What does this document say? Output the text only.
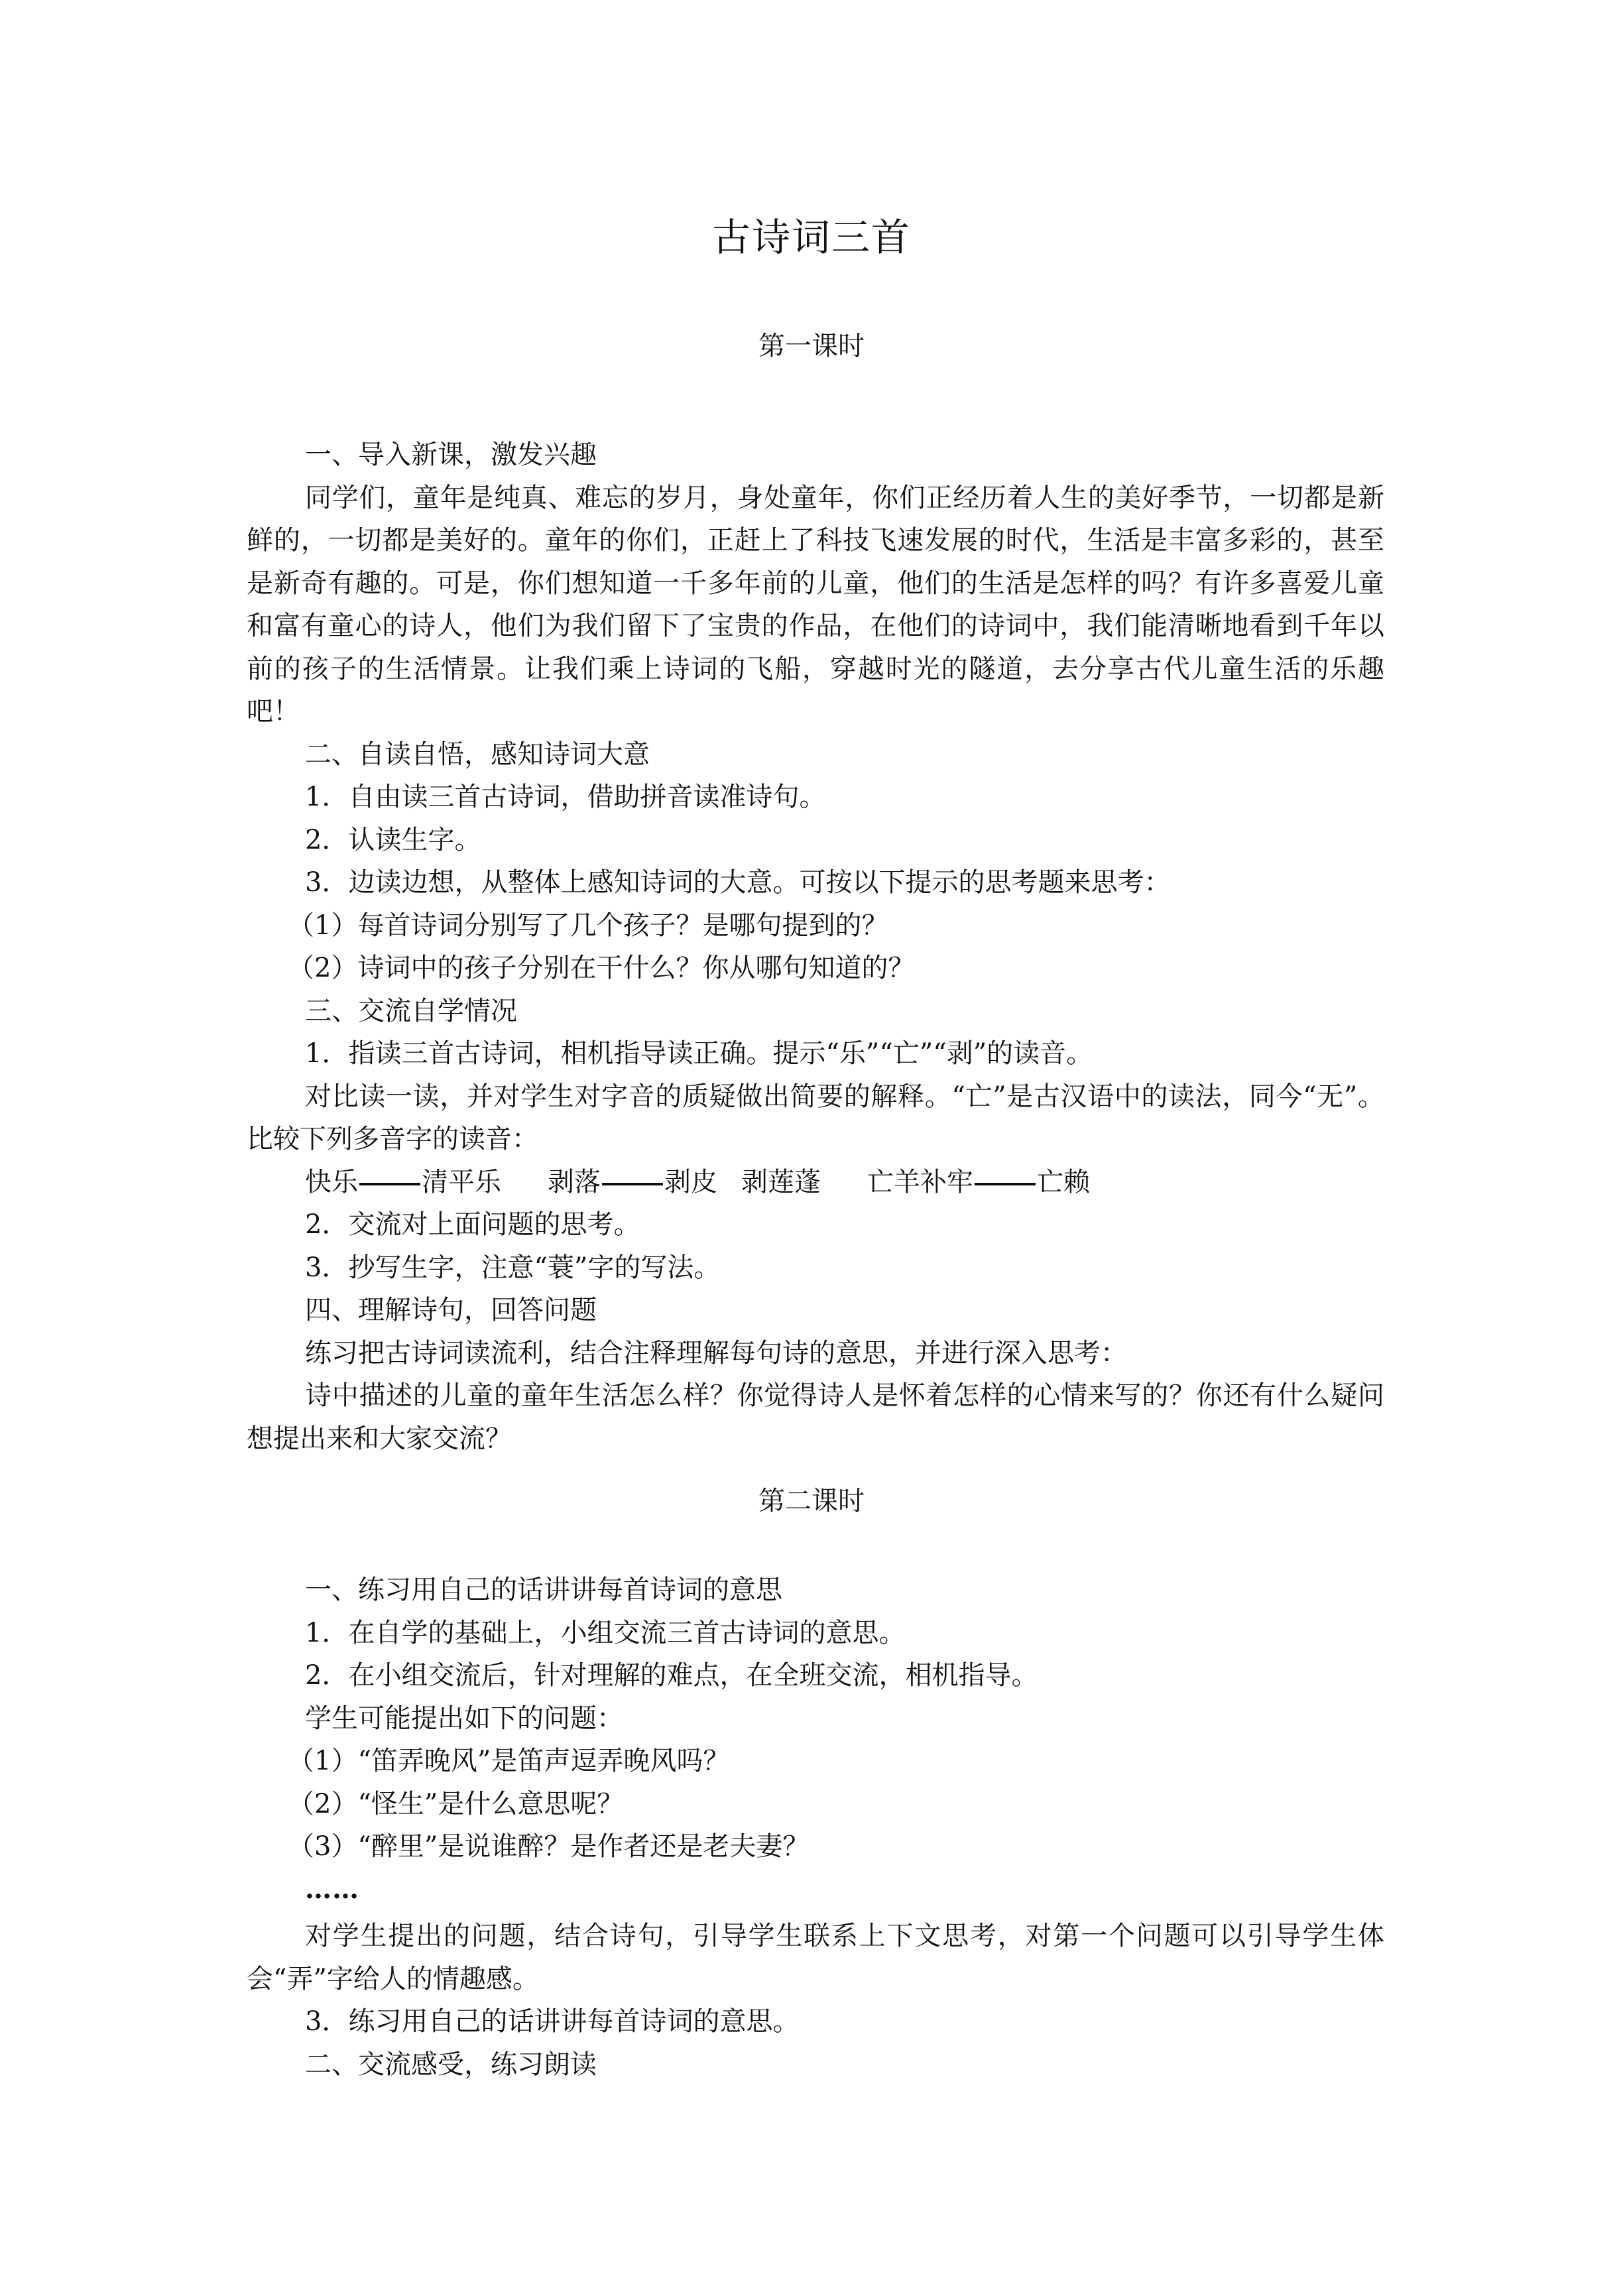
古诗词三首
第一课时

一、导入新课，激发兴趣

同学们，童年是纯真、难忘的岁月，身处童年，你们正经历着人生的美好季节，一切都是新鲜的，一切都是美好的。童年的你们，正赶上了科技飞速发展的时代，生活是丰富多彩的，甚至是新奇有趣的。可是，你们想知道一千多年前的儿童，他们的生活是怎样的吗？有许多喜爱儿童和富有童心的诗人，他们为我们留下了宝贵的作品，在他们的诗词中，我们能清晰地看到千年以前的孩子的生活情景。让我们乘上诗词的飞船，穿越时光的隧道，去分享古代儿童生活的乐趣吧！

二、自读自悟，感知诗词大意

1．自由读三首古诗词，借助拼音读准诗句。

2．认读生字。

3．边读边想，从整体上感知诗词的大意。可按以下提示的思考题来思考：

（1）每首诗词分别写了几个孩子？是哪句提到的？

（2）诗词中的孩子分别在干什么？你从哪句知道的？

三、交流自学情况

1．指读三首古诗词，相机指导读正确。提示“乐”“亡”“剥”的读音。

对比读一读，并对学生对字音的质疑做出简要的解释。“亡”是古汉语中的读法，同今“无”。比较下列多音字的读音：

快乐 清平乐 剥落 剥皮 剥莲蓬 亡羊补牢 亡赖

2．交流对上面问题的思考。

3．抄写生字，注意“蓑”字的写法。

四、理解诗句，回答问题

练习把古诗词读流利，结合注释理解每句诗的意思，并进行深入思考：

诗中描述的儿童的童年生活怎么样？你觉得诗人是怀着怎样的心情来写的？你还有什么疑问想提出来和大家交流？

第二课时

一、练习用自己的话讲讲每首诗词的意思

1．在自学的基础上，小组交流三首古诗词的意思。

2．在小组交流后，针对理解的难点，在全班交流，相机指导。

学生可能提出如下的问题：

（1）“笛弄晚风”是笛声逗弄晚风吗？

（2）“怪生”是什么意思呢？

（3）“醉里”是说谁醉？是作者还是老夫妻？

……

对学生提出的问题，结合诗句，引导学生联系上下文思考，对第一个问题可以引导学生体会“弄”字给人的情趣感。

3．练习用自己的话讲讲每首诗词的意思。

二、交流感受，练习朗读
